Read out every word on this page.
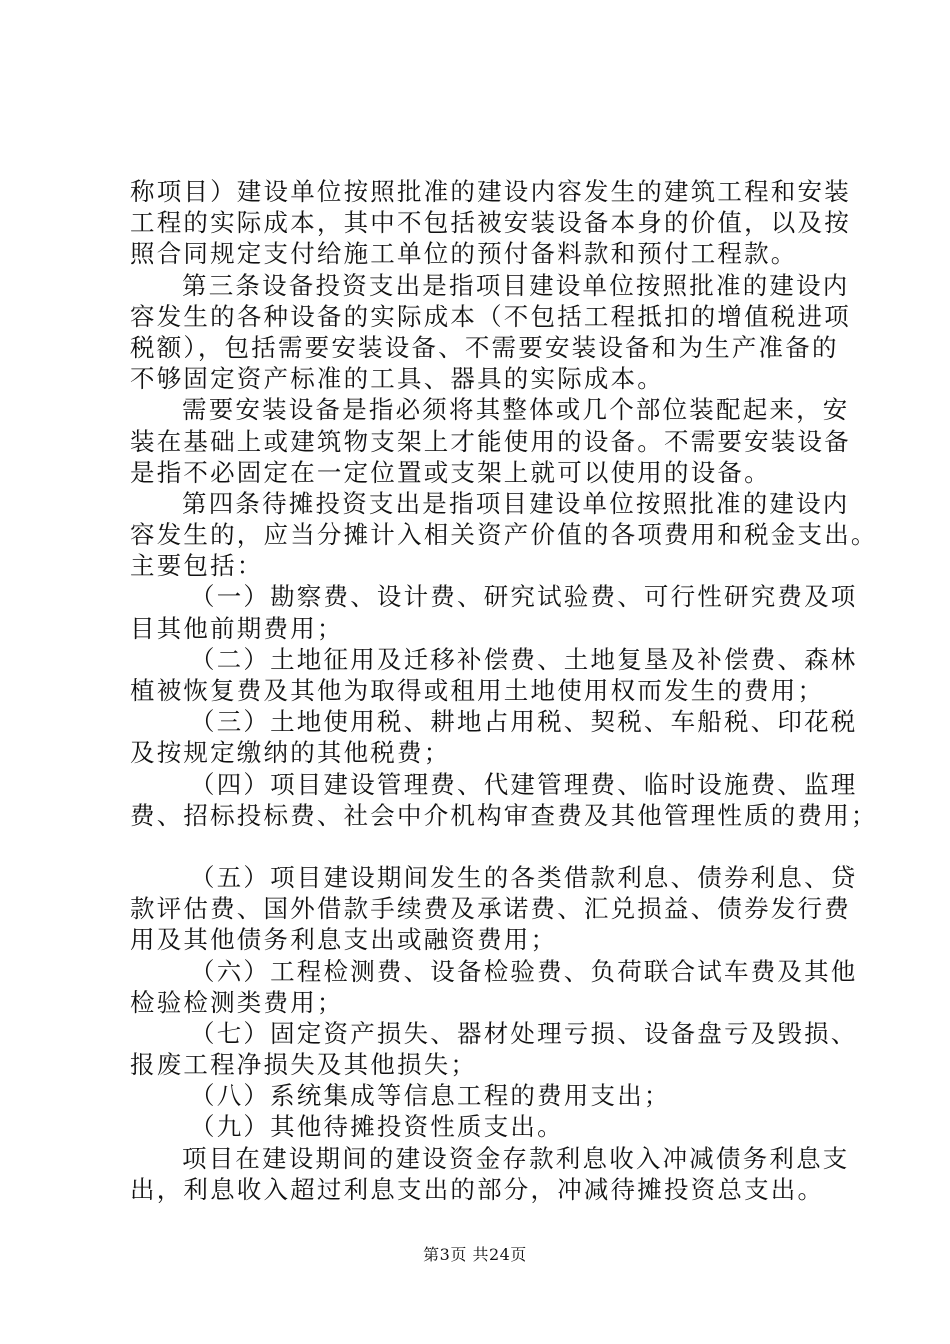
称项目）建设单位按照批准的建设内容发生的建筑工程和安装
工程的实际成本，其中不包括被安装设备本身的价值，以及按
照合同规定支付给施工单位的预付备料款和预付工程款。
第三条设备投资支出是指项目建设单位按照批准的建设内
容发生的各种设备的实际成本（不包括工程抵扣的增值税进项
税额），包括需要安装设备、不需要安装设备和为生产准备的
不够固定资产标准的工具、器具的实际成本。
需要安装设备是指必须将其整体或几个部位装配起来，安
装在基础上或建筑物支架上才能使用的设备。不需要安装设备
是指不必固定在一定位置或支架上就可以使用的设备。
第四条待摊投资支出是指项目建设单位按照批准的建设内
容发生的，应当分摊计入相关资产价值的各项费用和税金支出。
主要包括：
（一）勘察费、设计费、研究试验费、可行性研究费及项
目其他前期费用；
（二）土地征用及迁移补偿费、土地复垦及补偿费、森林
植被恢复费及其他为取得或租用土地使用权而发生的费用；
（三）土地使用税、耕地占用税、契税、车船税、印花税
及按规定缴纳的其他税费；
（四）项目建设管理费、代建管理费、临时设施费、监理
费、招标投标费、社会中介机构审查费及其他管理性质的费用；
（五）项目建设期间发生的各类借款利息、债券利息、贷
款评估费、国外借款手续费及承诺费、汇兑损益、债券发行费
用及其他债务利息支出或融资费用；
（六）工程检测费、设备检验费、负荷联合试车费及其他
检验检测类费用；
（七）固定资产损失、器材处理亏损、设备盘亏及毁损、
报废工程净损失及其他损失；
（八）系统集成等信息工程的费用支出；
（九）其他待摊投资性质支出。
项目在建设期间的建设资金存款利息收入冲减债务利息支
出，利息收入超过利息支出的部分，冲减待摊投资总支出。
第3页 共24页
